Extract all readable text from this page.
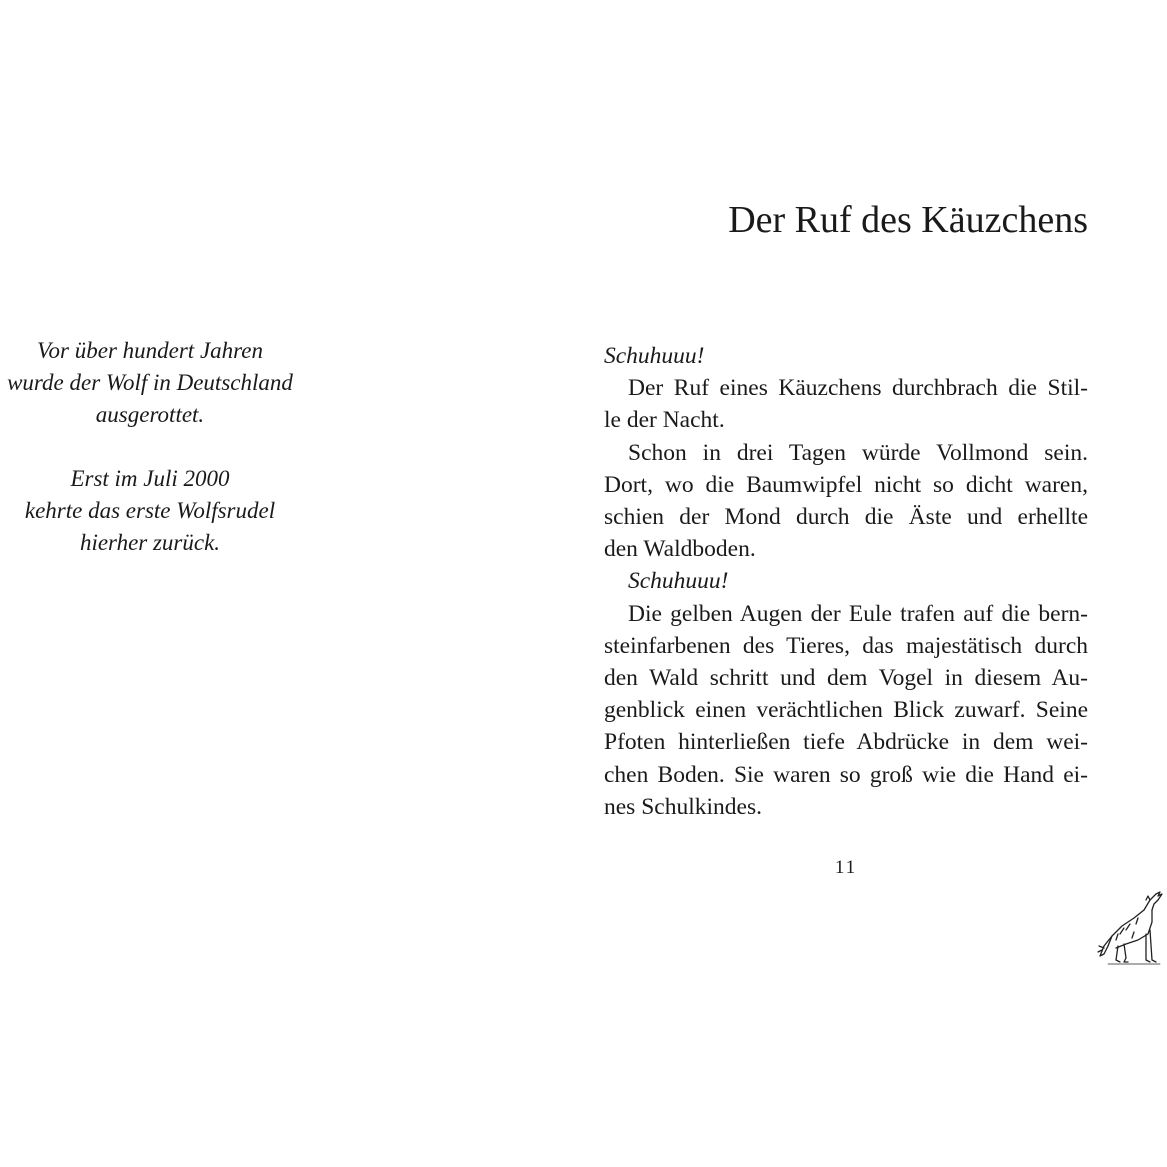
Vor über hundert Jahren
wurde der Wolf in Deutschland
ausgerottet.
Erst im Juli 2000
kehrte das erste Wolfsrudel
hierher zurück.
Der Ruf des Käuzchens
Schuhuuu!
Der Ruf eines Käuzchens durchbrach die Stil-
le der Nacht.
Schon in drei Tagen würde Vollmond sein.
Dort, wo die Baumwipfel nicht so dicht waren,
schien der Mond durch die Äste und erhellte
den Waldboden.
Schuhuuu!
Die gelben Augen der Eule trafen auf die bern-
steinfarbenen des Tieres, das majestätisch durch
den Wald schritt und dem Vogel in diesem Au-
genblick einen verächtlichen Blick zuwarf. Seine
Pfoten hinterließen tiefe Abdrücke in dem wei-
chen Boden. Sie waren so groß wie die Hand ei-
nes Schulkindes.
11
